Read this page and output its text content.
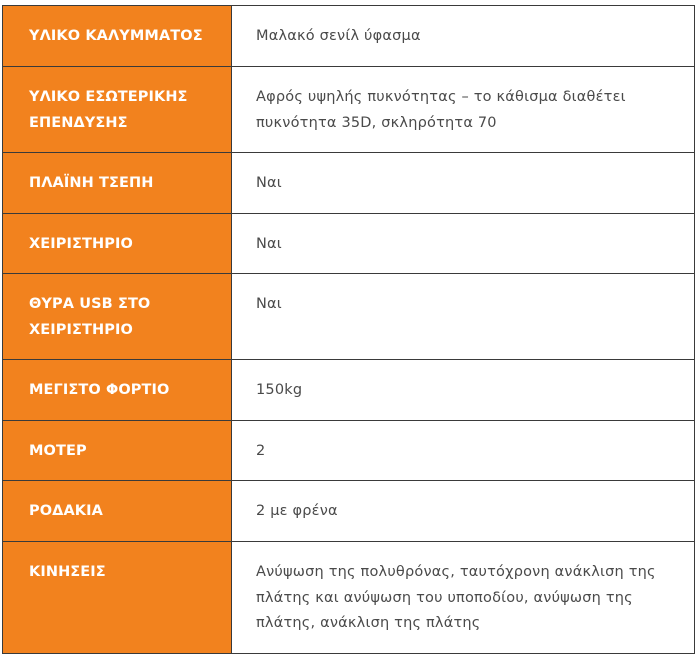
ΥΛΙΚΟ ΚΑΛΥΜΜΑΤΟΣ	Μαλακό σενίλ ύφασμα

ΥΛΙΚΟ ΕΣΩΤΕΡΙΚΗΣ ΕΠΕΝΔΥΣΗΣ	Αφρός υψηλής πυκνότητας – το κάθισμα διαθέτει πυκνότητα 35D, σκληρότητα 70

ΠΛΑΪΝΗ ΤΣΕΠΗ	Ναι

ΧΕΙΡΙΣΤΗΡΙΟ	Ναι

ΘΥΡΑ USB ΣΤΟ ΧΕΙΡΙΣΤΗΡΙΟ	Ναι

ΜΕΓΙΣΤΟ ΦΟΡΤΙΟ	150kg

ΜΟΤΕΡ	2

ΡΟΔΑΚΙΑ	2 με φρένα

ΚΙΝΗΣΕΙΣ	Ανύψωση της πολυθρόνας, ταυτόχρονη ανάκλιση της πλάτης και ανύψωση του υποποδίου, ανύψωση της πλάτης, ανάκλιση της πλάτης
